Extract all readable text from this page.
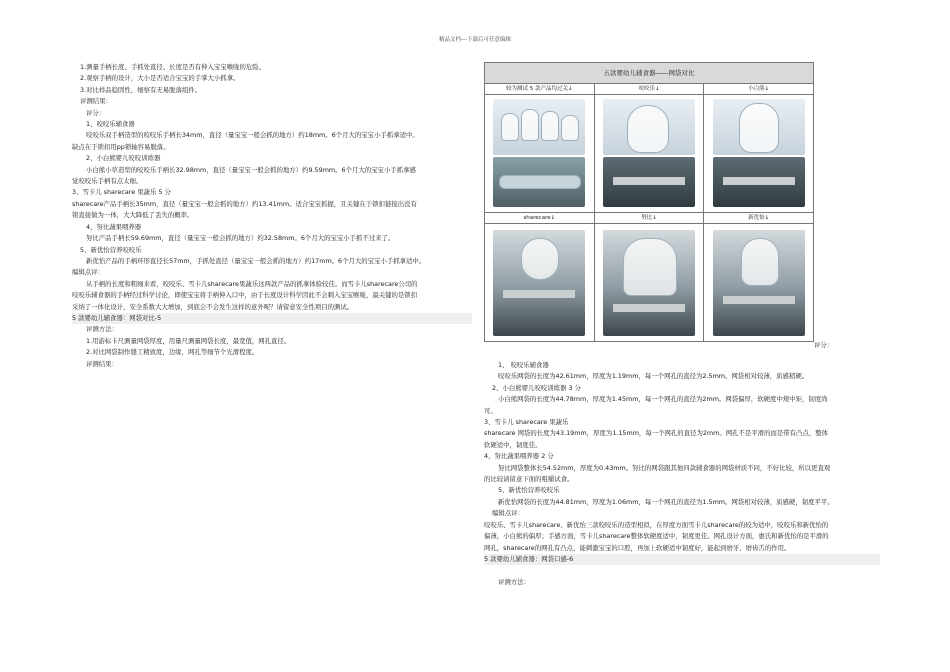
精品文档---下载后可任意编辑
1.测量手柄长度、手抓处直径、长度是否有伸入宝宝喉咙的危险。
2.观察手柄的设计，大小是否适合宝宝的手掌大小抓拿。
3.对比样品稳固性，细察有无易脱落组件。
评测结果：
评分：
1、咬咬乐辅食器
咬咬乐双手柄造型的咬咬乐手柄长34mm，直径（量宝宝一般会抓的地方）约18mm。6个月大的宝宝小手抓拿适中。
缺点在于锁扣用pp锁轴容易脱落。
2、小白熊婴儿咬咬训练器
小白熊小草造型的咬咬乐手柄长32.98mm，直径（量宝宝一般会抓的地方）约9.59mm。6个月大的宝宝小手抓拿感
觉咬咬乐手柄有点太细。
3、雪卡儿 sharecare 果蔬乐 5 分
sharecare产品手柄长35mm，直径（量宝宝一般会抓的地方）约13.41mm。适合宝宝抓握，且关键在于锁扣链接出没有
钳直接做为一体，大大降低了丢失的概率。
4、努比蔬果喂养器
努比产品手柄长59.69mm，直径（量宝宝一般会抓的地方）约32.58mm。6个月大的宝宝小手抓不过来了。
5、新优怡营养咬咬乐
新优怡产品的手柄环形直径长57mm，手抓处直径（量宝宝一般会抓的地方）约17mm。6个月大的宝宝小手抓拿适中。
编辑点评：
从手柄的长度和粗细来看，咬咬乐、雪卡儿sharecare果蔬乐这两款产品的抓拿体验较佳。而雪卡儿sharecare公司的
咬咬乐辅食器的手柄经过科学讨论，即使宝宝将手柄伸入口中，由于长度设计科学因此不会刺入宝宝喉咙，最关键的是锁扣
采纳了一体化设计，安全系数大大增加，到底会不会发生这样的意外呢？请留意安全性项目的测试。
5 款婴幼儿辅食器：网袋对比-5
评测方法：
1.用游标卡尺测量网袋厚度，用量尺测量网袋长度，最宽值，网孔直径。
2.对比网袋制作缝工精致度，边缘，网孔等细节个光滑程度。
评测结果：
五款婴幼儿辅食器――网袋对比
较为测试 5 款产品均过关↓	咬咬乐↓	小白熊↓
sharecare↓	努比↓	新优怡↓
评分：
1、 咬咬乐辅食器
咬咬乐网袋的长度为42.61mm，厚度为1.19mm，每一个网孔的直径为2.5mm。网袋相对较薄，质感稍硬。
2、小白熊婴儿咬咬训练器 3 分
小白熊网袋的长度为44.78mm，厚度为1.45mm，每一个网孔的直径为2mm。网袋偏厚，软硬度中规中矩，韧度尚
可。
3、雪卡儿 sharecare 果蔬乐
sharecare 网袋的长度为43.19mm，厚度为1.15mm，每一个网孔的直径为2mm。网孔不是平滑的而是带有凸点，整体
软硬适中，韧度佳。
4、努比蔬果喂养器 2 分
努比网袋整体长54.52mm，厚度为0.43mm。努比的网袋跟其他四款辅食器的网袋材质不同，不好比较，所以更直观
的比较请留意下面的咀嚼试食。
5、新优怡营养咬咬乐
新优怡网袋的长度为44.81mm，厚度为1.06mm，每一个网孔的直径为1.5mm。网袋相对较薄，质感硬，韧度平平。
编辑点评：
咬咬乐、雪卡儿sharecare、新优怡三款咬咬乐的造型相似，在厚度方面雪卡儿sharecare的较为适中，咬咬乐和新优怡的
偏薄，小白熊的偏厚；手感方面，雪卡儿sharecare整体软硬度适中，韧度更佳。网孔设计方面，惠氏和新优怡的是平滑的
网孔，sharecare的网孔有凸点，能刺激宝宝的口腔，再加上软硬适中韧度好，能起到磨牙、磨齿舌的作用。
5 款婴幼儿辅食器：网袋口感-6

评测方法：
